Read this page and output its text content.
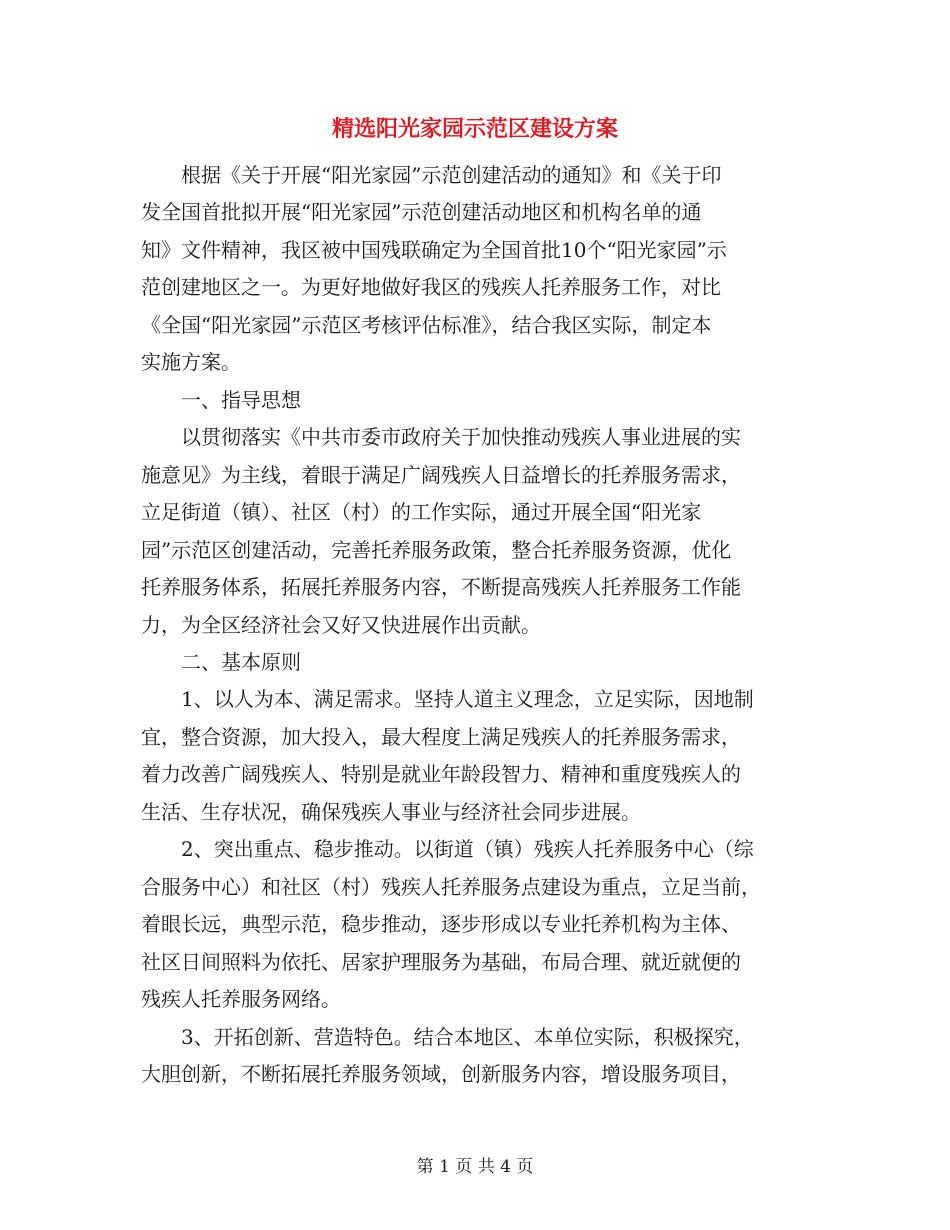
精选阳光家园示范区建设方案

　　根据《关于开展“阳光家园”示范创建活动的通知》和《关于印

发全国首批拟开展“阳光家园”示范创建活动地区和机构名单的通

知》文件精神，我区被中国残联确定为全国首批10个“阳光家园”示

范创建地区之一。为更好地做好我区的残疾人托养服务工作，对比

《全国“阳光家园”示范区考核评估标准》，结合我区实际，制定本

实施方案。

　　一、指导思想

　　以贯彻落实《中共市委市政府关于加快推动残疾人事业进展的实

施意见》为主线，着眼于满足广阔残疾人日益增长的托养服务需求，

立足街道（镇）、社区（村）的工作实际，通过开展全国“阳光家

园”示范区创建活动，完善托养服务政策，整合托养服务资源，优化

托养服务体系，拓展托养服务内容，不断提高残疾人托养服务工作能

力，为全区经济社会又好又快进展作出贡献。

　　二、基本原则

　　1、以人为本、满足需求。坚持人道主义理念，立足实际，因地制

宜，整合资源，加大投入，最大程度上满足残疾人的托养服务需求，

着力改善广阔残疾人、特别是就业年龄段智力、精神和重度残疾人的

生活、生存状况，确保残疾人事业与经济社会同步进展。

　　2、突出重点、稳步推动。以街道（镇）残疾人托养服务中心（综

合服务中心）和社区（村）残疾人托养服务点建设为重点，立足当前，

着眼长远，典型示范，稳步推动，逐步形成以专业托养机构为主体、

社区日间照料为依托、居家护理服务为基础，布局合理、就近就便的

残疾人托养服务网络。

　　3、开拓创新、营造特色。结合本地区、本单位实际，积极探究，

大胆创新，不断拓展托养服务领域，创新服务内容，增设服务项目，

第 1 页 共 4 页
